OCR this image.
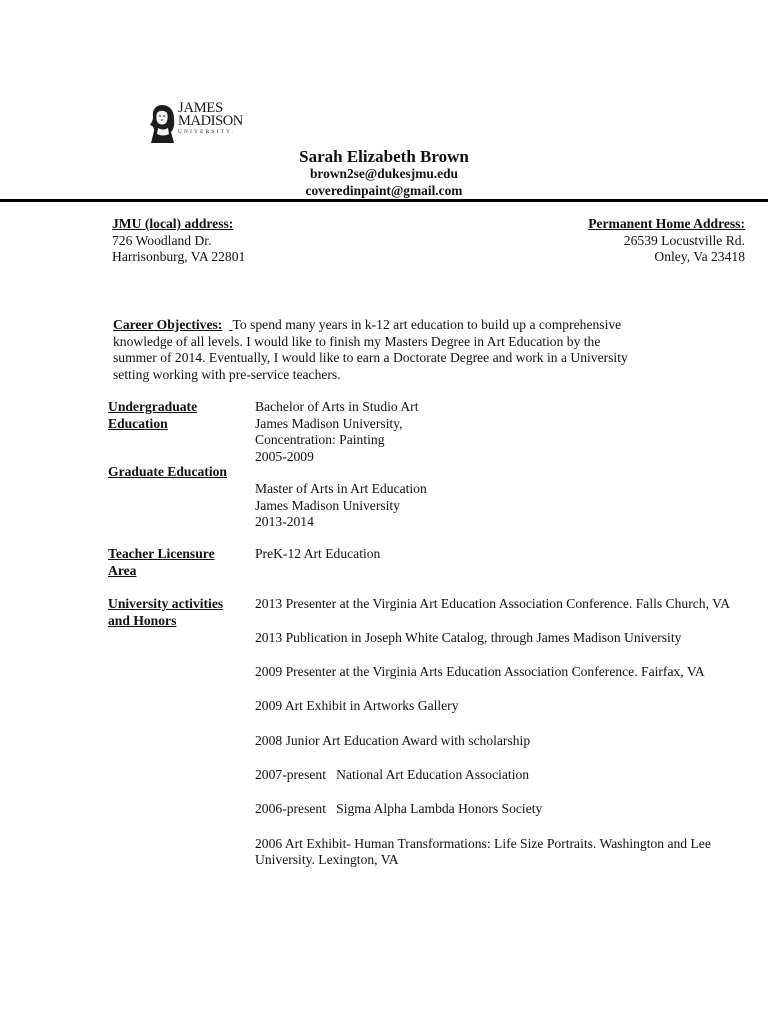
JAMES
MADISON
UNIVERSITY.
Sarah Elizabeth Brown
brown2se@dukesjmu.edu
coveredinpaint@gmail.com
JMU (local) address:
726 Woodland Dr.
Harrisonburg, VA 22801
Permanent Home Address:
26539 Locustville Rd.
Onley, Va 23418
Career Objectives: To spend many years in k-12 art education to build up a comprehensive
knowledge of all levels. I would like to finish my Masters Degree in Art Education by the
summer of 2014. Eventually, I would like to earn a Doctorate Degree and work in a University
setting working with pre-service teachers.
Undergraduate
Education
Bachelor of Arts in Studio Art
James Madison University,
Concentration: Painting
2005-2009
Graduate Education
Master of Arts in Art Education
James Madison University
2013-2014
Teacher Licensure
Area
PreK-12 Art Education
University activities
and Honors
2013 Presenter at the Virginia Art Education Association Conference. Falls Church, VA
2013 Publication in Joseph White Catalog, through James Madison University
2009 Presenter at the Virginia Arts Education Association Conference. Fairfax, VA
2009 Art Exhibit in Artworks Gallery
2008 Junior Art Education Award with scholarship
2007-present   National Art Education Association
2006-present   Sigma Alpha Lambda Honors Society
2006 Art Exhibit- Human Transformations: Life Size Portraits. Washington and Lee
University. Lexington, VA
